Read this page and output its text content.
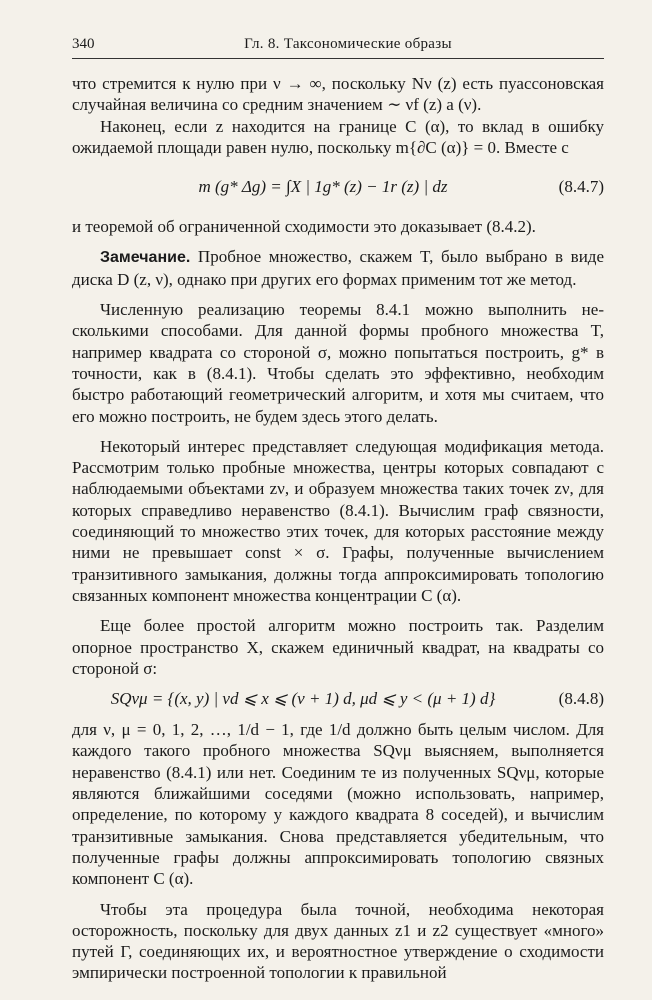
340	Гл. 8. Таксономические образы

что стремится к нулю при ν → ∞, поскольку Nν (z) есть пуассоновская случайная величина со средним значением ∼ νf (z) a (ν).

Наконец, если z находится на границе C (α), то вклад в ошибку ожидаемой площади равен нулю, поскольку m{∂C (α)} = 0. Вместе с

m (g* Δg) = ∫X | 1g* (z) − 1r (z) | dz	(8.4.7)

и теоремой об ограниченной сходимости это доказывает (8.4.2).

Замечание. Пробное множество, скажем T, было выбрано в виде диска D (z, ν), однако при других его формах применим тот же метод.

Численную реализацию теоремы 8.4.1 можно выполнить несколькими способами. Для данной формы пробного множества T, например квадрата со стороной σ, можно попытаться построить, g* в точности, как в (8.4.1). Чтобы сделать это эффективно, необходим быстро работающий геометрический алгоритм, и хотя мы считаем, что его можно построить, не будем здесь этого делать.

Некоторый интерес представляет следующая модификация метода. Рассмотрим только пробные множества, центры которых совпадают с наблюдаемыми объектами zν, и образуем множества таких точек zν, для которых справедливо неравенство (8.4.1). Вычислим граф связности, соединяющий то множество этих точек, для которых расстояние между ними не превышает const × σ. Графы, полученные вычислением транзитивного замыкания, должны тогда аппроксимировать топологию связанных компонент множества концентрации C (α).

Еще более простой алгоритм можно построить так. Разделим опорное пространство X, скажем единичный квадрат, на квадраты со стороной σ:

SQνμ = {(x, y) | νd ⩽ x ⩽ (ν + 1) d, μd ⩽ y < (μ + 1) d}	(8.4.8)

для ν, μ = 0, 1, 2, …, 1/d − 1, где 1/d должно быть целым числом. Для каждого такого пробного множества SQνμ выясняем, выполняется неравенство (8.4.1) или нет. Соединим те из полученных SQνμ, которые являются ближайшими соседями (можно использовать, например, определение, по которому у каждого квадрата 8 соседей), и вычислим транзитивные замыкания. Снова представляется убедительным, что полученные графы должны аппроксимировать топологию связных компонент C (α).

Чтобы эта процедура была точной, необходима некоторая осторожность, поскольку для двух данных z1 и z2 существует «много» путей Γ, соединяющих их, и вероятностное утверждение о сходимости эмпирически построенной топологии к правильной
